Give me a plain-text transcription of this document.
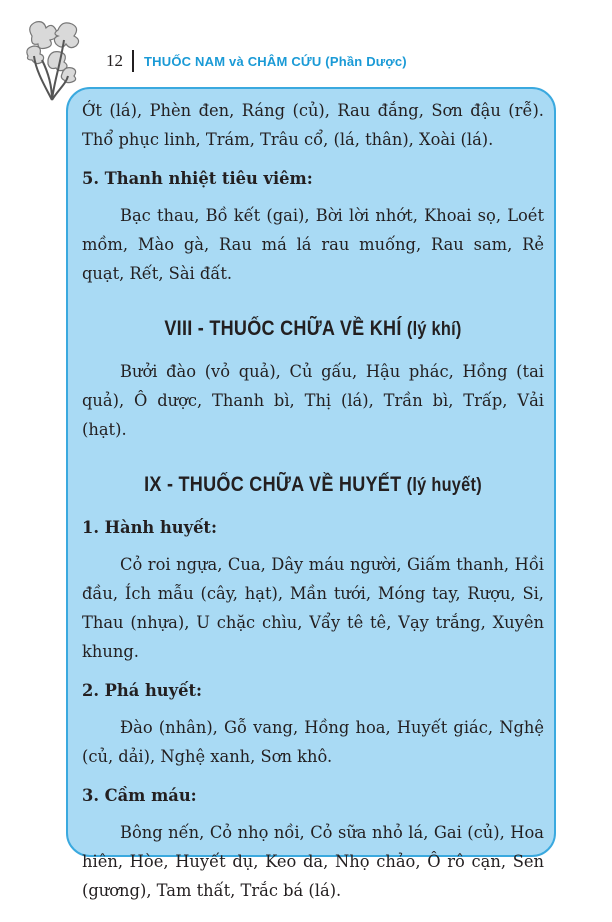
12 THUỐC NAM và CHÂM CỨU (Phần Dược)

Ớt (lá), Phèn đen, Ráng (củ), Rau đắng, Sơn đậu (rễ). Thổ phục linh, Trám, Trâu cổ, (lá, thân), Xoài (lá).

5. Thanh nhiệt tiêu viêm:

Bạc thau, Bồ kết (gai), Bời lời nhớt, Khoai sọ, Loét mồm, Mào gà, Rau má lá rau muống, Rau sam, Rẻ quạt, Rết, Sài đất.

VIII - THUỐC CHỮA VỀ KHÍ (lý khí)

Bưởi đào (vỏ quả), Củ gấu, Hậu phác, Hồng (tai quả), Ô dược, Thanh bì, Thị (lá), Trần bì, Trấp, Vải (hạt).

IX - THUỐC CHỮA VỀ HUYẾT (lý huyết)
1. Hành huyết:

Cỏ roi ngựa, Cua, Dây máu người, Giấm thanh, Hồi đầu, Ích mẫu (cây, hạt), Mần tưới, Móng tay, Rượu, Si, Thau (nhựa), U chặc chìu, Vẩy tê tê, Vạy trắng, Xuyên khung.

2. Phá huyết:

Đào (nhân), Gỗ vang, Hồng hoa, Huyết giác, Nghệ (củ, dải), Nghệ xanh, Sơn khô.

3. Cầm máu:

Bông nến, Cỏ nhọ nồi, Cỏ sữa nhỏ lá, Gai (củ), Hoa hiên, Hòe, Huyết dụ, Keo da, Nhọ chảo, Ô rô cạn, Sen (gương), Tam thất, Trắc bá (lá).
